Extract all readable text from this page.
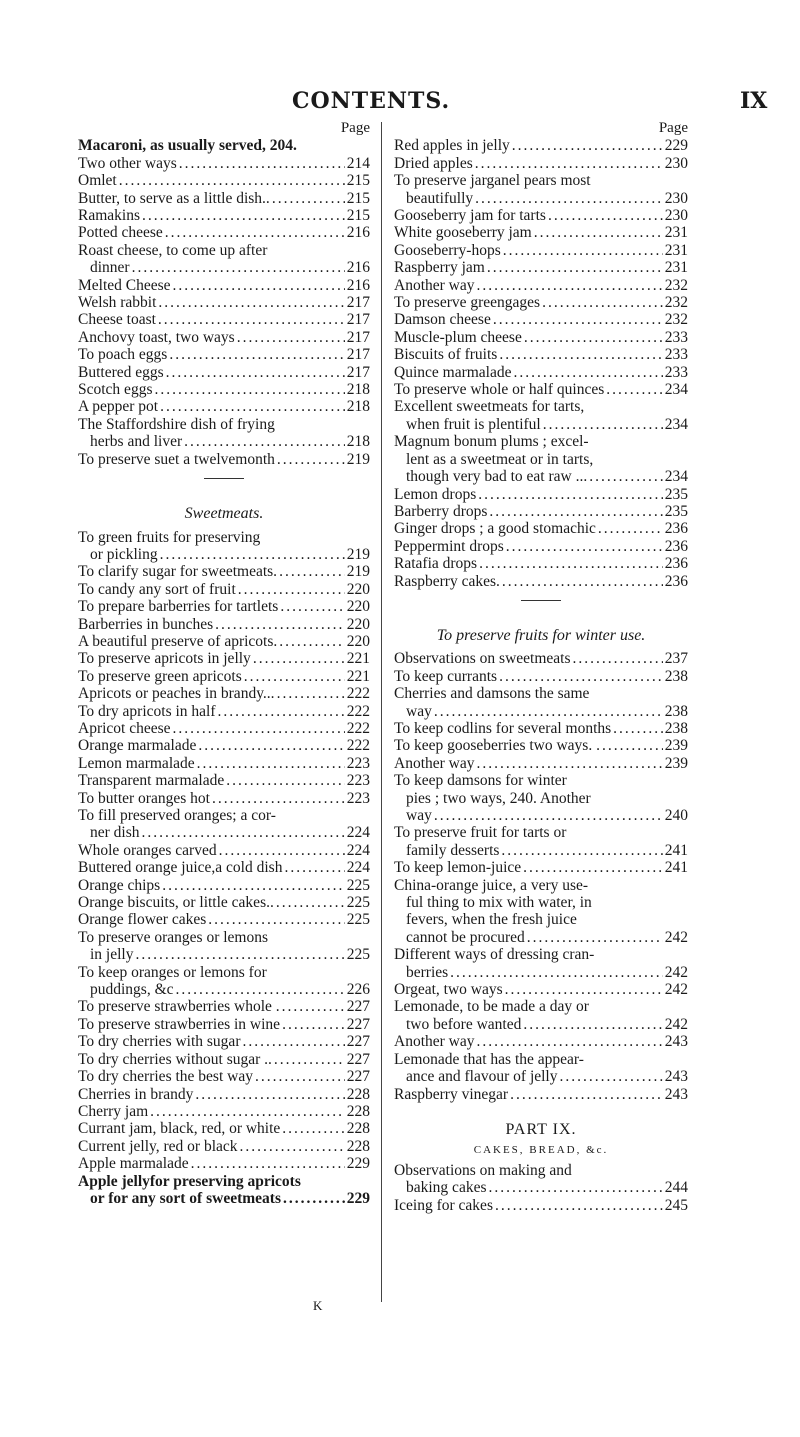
CONTENTS.	IX
Page
Macaroni, as usually served, 204.
Two other ways .....	214
Omlet .....	215
Butter, to serve as a little dish.. .....	215
Ramakins .....	215
Potted cheese .....	216
Roast cheese, to come up after
dinner .....	216
Melted Cheese .....	216
Welsh rabbit .....	217
Cheese toast .....	217
Anchovy toast, two ways .....	217
To poach eggs .....	217
Buttered eggs .....	217
Scotch eggs .....	218
A pepper pot .....	218
The Staffordshire dish of frying
herbs and liver .....	218
To preserve suet a twelvemonth .....	219
Sweetmeats.
To green fruits for preserving
or pickling .....	219
To clarify sugar for sweetmeats. .....	219
To candy any sort of fruit .....	220
To prepare barberries for tartlets .....	220
Barberries in bunches .....	220
A beautiful preserve of apricots. .....	220
To preserve apricots in jelly .....	221
To preserve green apricots .....	221
Apricots or peaches in brandy... .....	222
To dry apricots in half .....	222
Apricot cheese .....	222
Orange marmalade .....	222
Lemon marmalade .....	223
Transparent marmalade .....	223
To butter oranges hot .....	223
To fill preserved oranges; a cor-
ner dish .....	224
Whole oranges carved .....	224
Buttered orange juice,a cold dish .....	224
Orange chips .....	225
Orange biscuits, or little cakes.. .....	225
Orange flower cakes .....	225
To preserve oranges or lemons
in jelly .....	225
To keep oranges or lemons for
puddings, &c .....	226
To preserve strawberries whole . .....	227
To preserve strawberries in wine .....	227
To dry cherries with sugar .....	227
To dry cherries without sugar .. .....	227
To dry cherries the best way .....	227
Cherries in brandy .....	228
Cherry jam .....	228
Currant jam, black, red, or white .....	228
Current jelly, red or black .....	228
Apple marmalade .....	229
Apple jellyfor preserving apricots
or for any sort of sweetmeats .....	229
Page
Red apples in jelly .....	229
Dried apples .....	230
To preserve jarganel pears most
beautifully .....	230
Gooseberry jam for tarts .....	230
White gooseberry jam .....	231
Gooseberry-hops .....	231
Raspberry jam .....	231
Another way .....	232
To preserve greengages .....	232
Damson cheese .....	232
Muscle-plum cheese .....	233
Biscuits of fruits .....	233
Quince marmalade .....	233
To preserve whole or half quinces .....	234
Excellent sweetmeats for tarts,
when fruit is plentiful .....	234
Magnum bonum plums ; excel-
lent as a sweetmeat or in tarts,
though very bad to eat raw ... .....	234
Lemon drops .....	235
Barberry drops .....	235
Ginger drops ; a good stomachic .....	236
Peppermint drops .....	236
Ratafia drops .....	236
Raspberry cakes. .....	236
To preserve fruits for winter use.
Observations on sweetmeats .....	237
To keep currants .....	238
Cherries and damsons the same
way .....	238
To keep codlins for several months .....	238
To keep gooseberries two ways. . .....	239
Another way .....	239
To keep damsons for winter
pies ; two ways, 240. Another
way .....	240
To preserve fruit for tarts or
family desserts .....	241
To keep lemon-juice .....	241
China-orange juice, a very use-
ful thing to mix with water, in
fevers, when the fresh juice
cannot be procured .....	242
Different ways of dressing cran-
berries .....	242
Orgeat, two ways .....	242
Lemonade, to be made a day or
two before wanted .....	242
Another way .....	243
Lemonade that has the appear-
ance and flavour of jelly .....	243
Raspberry vinegar .....	243
PART IX.
CAKES, BREAD, &c.
Observations on making and
baking cakes .....	244
Iceing for cakes .....	245
K
